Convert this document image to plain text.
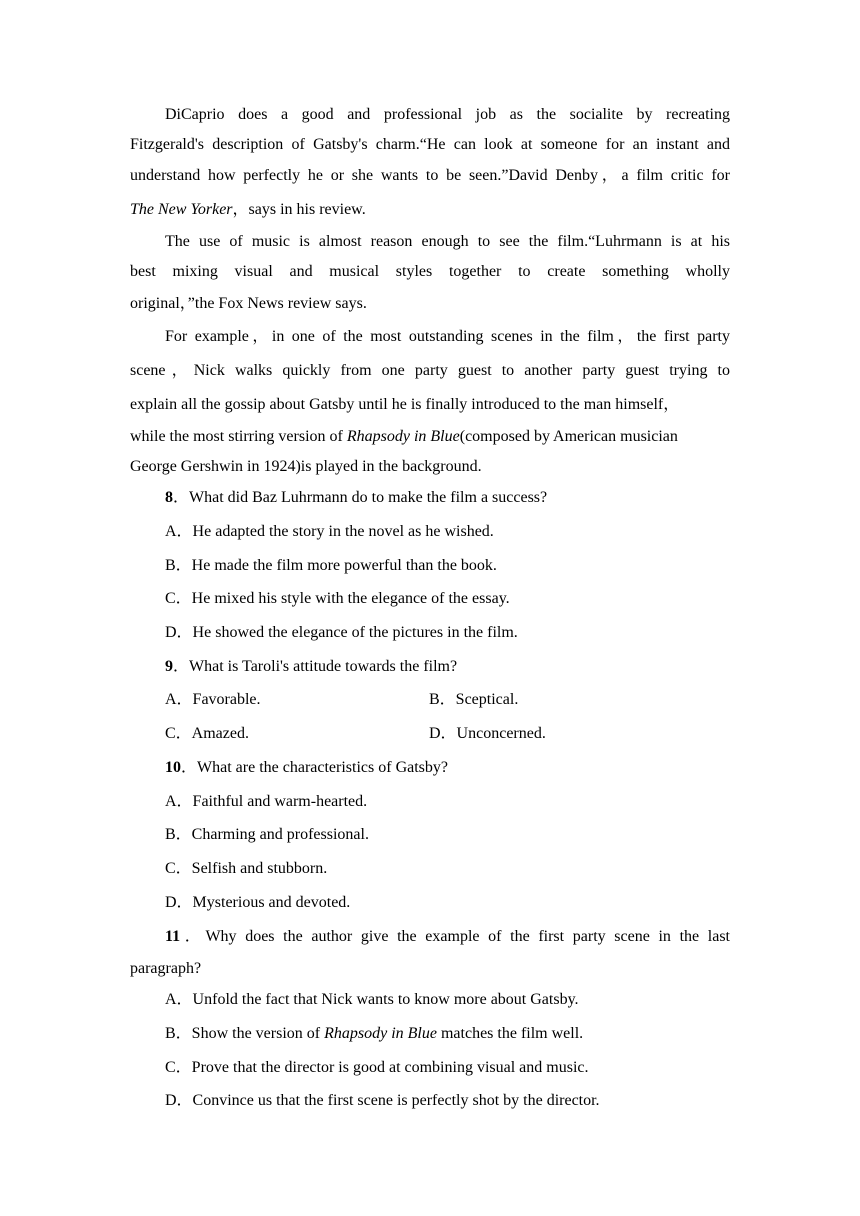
DiCaprio does a good and professional job as the socialite by recreating
Fitzgerald's description of Gatsby's charm.“He can look at someone for an instant and
understand how perfectly he or she wants to be seen.”David Denby，a film critic for
The New Yorker，says in his review.
The use of music is almost reason enough to see the film.“Luhrmann is at his
best mixing visual and musical styles together to create something wholly
original，”the Fox News review says.
For example，in one of the most outstanding scenes in the film，the first party
scene，Nick walks quickly from one party guest to another party guest trying to
explain all the gossip about Gatsby until he is finally introduced to the man himself，
while the most stirring version of Rhapsody in Blue(composed by American musician
George Gershwin in 1924)is played in the background.
8．What did Baz Luhrmann do to make the film a success?
A．He adapted the story in the novel as he wished.
B．He made the film more powerful than the book.
C．He mixed his style with the elegance of the essay.
D．He showed the elegance of the pictures in the film.
9．What is Taroli's attitude towards the film?
A．Favorable.	B．Sceptical.
C．Amazed.	D．Unconcerned.
10．What are the characteristics of Gatsby?
A．Faithful and warm-hearted.
B．Charming and professional.
C．Selfish and stubborn.
D．Mysterious and devoted.
11．Why does the author give the example of the first party scene in the last
paragraph?
A．Unfold the fact that Nick wants to know more about Gatsby.
B．Show the version of Rhapsody in Blue matches the film well.
C．Prove that the director is good at combining visual and music.
D．Convince us that the first scene is perfectly shot by the director.
